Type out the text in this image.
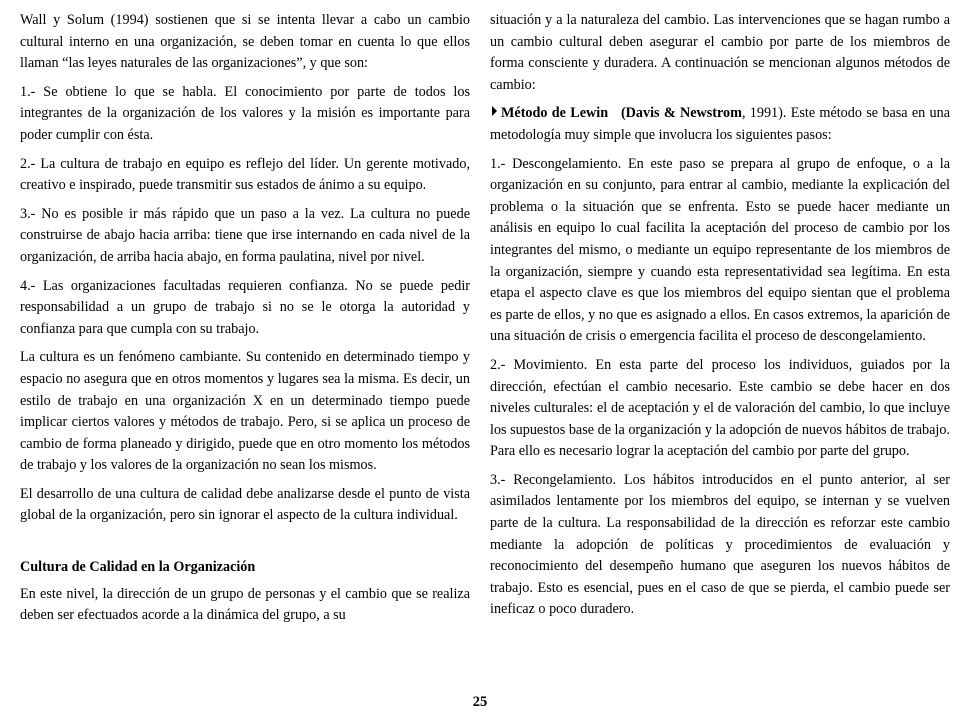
Wall y Solum (1994) sostienen que si se intenta llevar a cabo un cambio cultural interno en una organización, se deben tomar en cuenta lo que ellos llaman “las leyes naturales de las organizaciones”, y que son:

1.- Se obtiene lo que se habla. El conocimiento por parte de todos los integrantes de la organización de los valores y la misión es importante para poder cumplir con ésta.

2.- La cultura de trabajo en equipo es reflejo del líder. Un gerente motivado, creativo e inspirado, puede transmitir sus estados de ánimo a su equipo.

3.- No es posible ir más rápido que un paso a la vez. La cultura no puede construirse de abajo hacia arriba: tiene que irse internando en cada nivel de la organización, de arriba hacia abajo, en forma paulatina, nivel por nivel.

4.- Las organizaciones facultadas requieren confianza. No se puede pedir responsabilidad a un grupo de trabajo si no se le otorga la autoridad y confianza para que cumpla con su trabajo.

La cultura es un fenómeno cambiante. Su contenido en determinado tiempo y espacio no asegura que en otros momentos y lugares sea la misma. Es decir, un estilo de trabajo en una organización X en un determinado tiempo puede implicar ciertos valores y métodos de trabajo. Pero, si se aplica un proceso de cambio de forma planeado y dirigido, puede que en otro momento los métodos de trabajo y los valores de la organización no sean los mismos.

El desarrollo de una cultura de calidad debe analizarse desde el punto de vista global de la organización, pero sin ignorar el aspecto de la cultura individual.

Cultura de Calidad en la Organización

En este nivel, la dirección de un grupo de personas y el cambio que se realiza deben ser efectuados acorde a la dinámica del grupo, a su

situación y a la naturaleza del cambio. Las intervenciones que se hagan rumbo a un cambio cultural deben asegurar el cambio por parte de los miembros de forma consciente y duradera. A continuación se mencionan algunos métodos de cambio:

Método de Lewin (Davis & Newstrom, 1991). Este método se basa en una metodología muy simple que involucra los siguientes pasos:

1.- Descongelamiento. En este paso se prepara al grupo de enfoque, o a la organización en su conjunto, para entrar al cambio, mediante la explicación del problema o la situación que se enfrenta. Esto se puede hacer mediante un análisis en equipo lo cual facilita la aceptación del proceso de cambio por los integrantes del mismo, o mediante un equipo representante de los miembros de la organización, siempre y cuando esta representatividad sea legítima. En esta etapa el aspecto clave es que los miembros del equipo sientan que el problema es parte de ellos, y no que es asignado a ellos. En casos extremos, la aparición de una situación de crisis o emergencia facilita el proceso de descongelamiento.

2.- Movimiento. En esta parte del proceso los individuos, guiados por la dirección, efectúan el cambio necesario. Este cambio se debe hacer en dos niveles culturales: el de aceptación y el de valoración del cambio, lo que incluye los supuestos base de la organización y la adopción de nuevos hábitos de trabajo. Para ello es necesario lograr la aceptación del cambio por parte del grupo.

3.- Recongelamiento. Los hábitos introducidos en el punto anterior, al ser asimilados lentamente por los miembros del equipo, se internan y se vuelven parte de la cultura. La responsabilidad de la dirección es reforzar este cambio mediante la adopción de políticas y procedimientos de evaluación y reconocimiento del desempeño humano que aseguren los nuevos hábitos de trabajo. Esto es esencial, pues en el caso de que se pierda, el cambio puede ser ineficaz o poco duradero.

25
